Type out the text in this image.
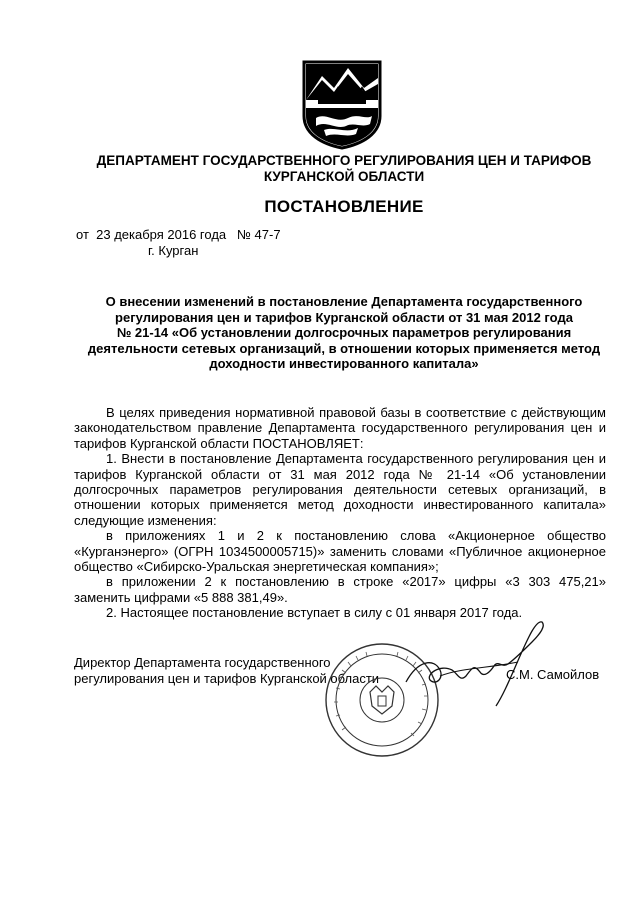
ДЕПАРТАМЕНТ ГОСУДАРСТВЕННОГО РЕГУЛИРОВАНИЯ ЦЕН И ТАРИФОВ
КУРГАНСКОЙ ОБЛАСТИ
ПОСТАНОВЛЕНИЕ
от  23 декабря 2016 года   № 47-7
г. Курган
О внесении изменений в постановление Департамента государственного
регулирования цен и тарифов Курганской области от 31 мая 2012 года
№ 21-14 «Об установлении долгосрочных параметров регулирования
деятельности сетевых организаций, в отношении которых применяется метод
доходности инвестированного капитала»

В целях приведения нормативной правовой базы в соответствие с действующим законодательством правление Департамента государственного регулирования цен и тарифов Курганской области ПОСТАНОВЛЯЕТ:

1. Внести в постановление Департамента государственного регулирования цен и тарифов Курганской области от 31 мая 2012 года № 21-14 «Об установлении долгосрочных параметров регулирования деятельности сетевых организаций, в отношении которых применяется метод доходности инвестированного капитала» следующие изменения:

в приложениях 1 и 2 к постановлению слова «Акционерное общество «Курганэнерго» (ОГРН 1034500005715)» заменить словами «Публичное акционерное общество «Сибирско-Уральская энергетическая компания»;

в приложении 2 к постановлению в строке «2017» цифры «3 303 475,21» заменить цифрами «5 888 381,49».

2. Настоящее постановление вступает в силу с 01 января 2017 года.

Директор Департамента государственного
регулирования цен и тарифов Курганской области	С.М. Самойлов
